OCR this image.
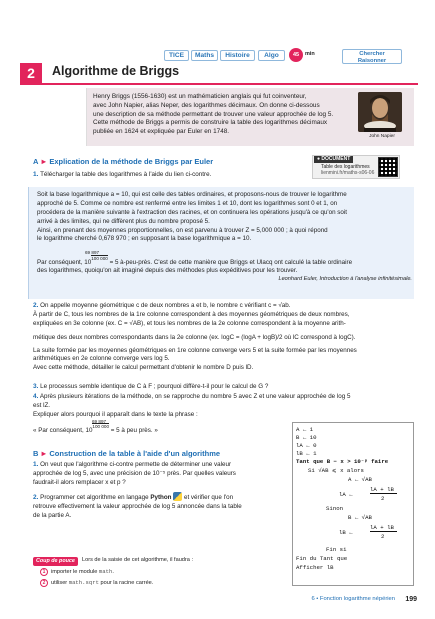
TICE	Maths	Histoire	Algo	45	min	Chercher
Raisonner
2	Algorithme de Briggs
Henry Briggs (1556-1630) est un mathématicien anglais qui fut coinventeur,
avec John Napier, alias Neper, des logarithmes décimaux. On donne ci-dessous
une description de sa méthode permettant de trouver une valeur approchée de log 5.
Cette méthode de Briggs a permis de construire la table des logarithmes décimaux
publiée en 1624 et expliquée par Euler en 1748.
John Napier
A ► Explication de la méthode de Briggs par Euler
1. Télécharger la table des logarithmes à l'aide du lien ci-contre.
● DOCUMENT
Table des logarithmes
lienmini.fr/maths-s06-06
Soit la base logarithmique a = 10, qui est celle des tables ordinaires, et proposons-nous de trouver le logarithme
approché de 5. Comme ce nombre est renfermé entre les limites 1 et 10, dont les logarithmes sont 0 et 1, on
procédera de la manière suivante à l'extraction des racines, et on continuera les opérations jusqu'à ce qu'on soit
arrivé à des limites, qui ne diffèrent plus du nombre proposé 5.
Ainsi, en prenant des moyennes proportionnelles, on est parvenu à trouver Z = 5,000 000 ; à quoi répond
le logarithme cherché 0,678 970 ; en supposant la base logarithmique a = 10.
69 897
Par conséquent, $10^{100 000} = 5$ à-peu-près. C'est de cette manière que Briggs et Ulacq ont calculé la table ordinaire
des logarithmes, quoiqu'on ait imaginé depuis des méthodes plus expéditives pour les trouver.
Leonhard Euler, Introduction à l'analyse infinitésimale.
2. On appelle moyenne géométrique c de deux nombres a et b, le nombre c vérifiant c = √ab.
À partir de C, tous les nombres de la 1re colonne correspondent à des moyennes géométriques de deux nombres,
expliquées en 3e colonne (ex. C = √AB), et tous les nombres de la 2e colonne correspondent à la moyenne arith-
métique des deux nombres correspondants dans la 2e colonne (ex. logC = (logA + logB)/2 où lC correspond à logC).
La suite formée par les moyennes géométriques en 1re colonne converge vers 5 et la suite formée par les moyennes
arithmétiques en 2e colonne converge vers log 5.
Avec cette méthode, détailler le calcul permettant d'obtenir le nombre D puis lD.
3. Le processus semble identique de C à F ; pourquoi diffère-t-il pour le calcul de G ?
4. Après plusieurs itérations de la méthode, on se rapproche du nombre 5 avec Z et une valeur approchée de log 5
est lZ.
Expliquer alors pourquoi il apparaît dans le texte la phrase :
69 897
« Par conséquent, $10^{100 000} = 5$ à peu près. »
B ► Construction de la table à l'aide d'un algorithme
1. On veut que l'algorithme ci-contre permette de déterminer une valeur
approchée de log 5, avec une précision de 10⁻⁵ près. Par quelles valeurs
faudrait-il alors remplacer x et p ?
2. Programmer cet algorithme en langage Python  et vérifier que l'on
retrouve effectivement la valeur approchée de log 5 annoncée dans la table
de la partie A.
Coup de pouce	Lors de la saisie de cet algorithme, il faudra :
1 importer le module math.
2 utiliser math.sqrt pour la racine carrée.
A ← 1
B ← 10
lA ← 0
lB ← 1
Tant que B − x > 10⁻ᵖ faire
Si √AB ⩽ x alors
A ← √AB
lA ←
lA + lB
2
Sinon
B ← √AB
lB ←
lA + lB
2
Fin si
Fin du Tant que
Afficher lB
6 • Fonction logarithme népérien 199
